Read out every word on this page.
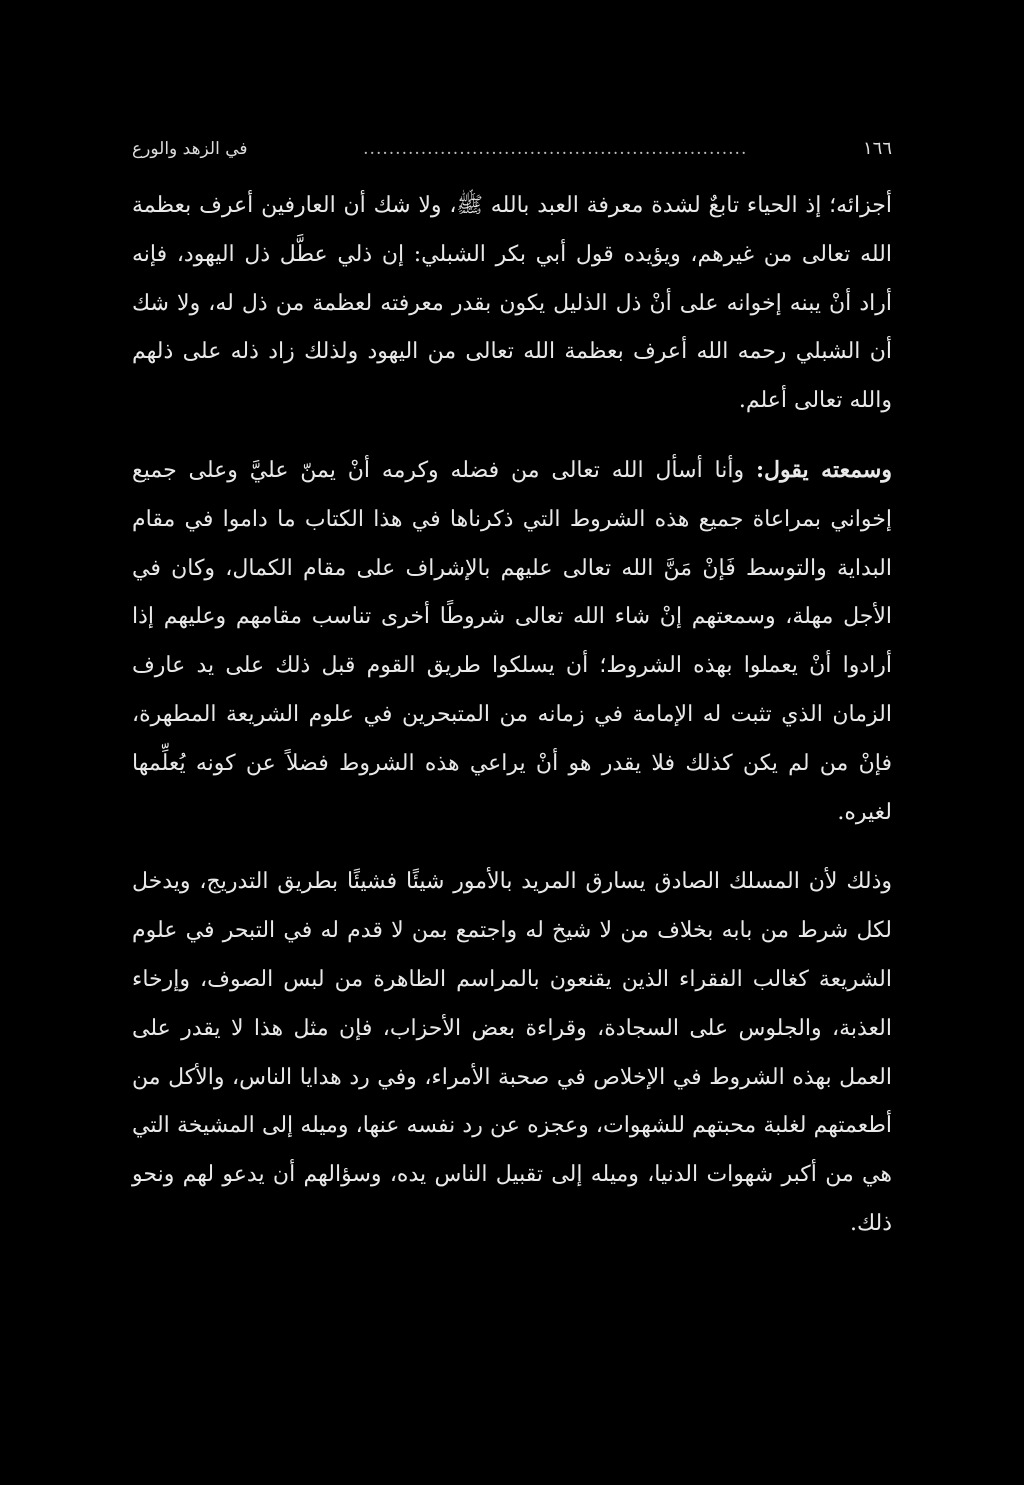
١٦٦
............................................................
في الزهد والورع

أجزائه؛ إذ الحياء تابعٌ لشدة معرفة العبد بالله ﷺ، ولا شك أن العارفين أعرف بعظمة الله تعالى من غيرهم، ويؤيده قول أبي بكر الشبلي: إن ذلي عطَّل ذل اليهود، فإنه أراد أنْ يبنه إخوانه على أنْ ذل الذليل يكون بقدر معرفته لعظمة من ذل له، ولا شك أن الشبلي رحمه الله أعرف بعظمة الله تعالى من اليهود ولذلك زاد ذله على ذلهم والله تعالى أعلم.

وسمعته يقول: وأنا أسأل الله تعالى من فضله وكرمه أنْ يمنّ عليَّ وعلى جميع إخواني بمراعاة جميع هذه الشروط التي ذكرناها في هذا الكتاب ما داموا في مقام البداية والتوسط فَإنْ مَنَّ الله تعالى عليهم بالإشراف على مقام الكمال، وكان في الأجل مهلة، وسمعتهم إنْ شاء الله تعالى شروطًا أخرى تناسب مقامهم وعليهم إذا أرادوا أنْ يعملوا بهذه الشروط؛ أن يسلكوا طريق القوم قبل ذلك على يد عارف الزمان الذي تثبت له الإمامة في زمانه من المتبحرين في علوم الشريعة المطهرة، فإنْ من لم يكن كذلك فلا يقدر هو أنْ يراعي هذه الشروط فضلاً عن كونه يُعلِّمها لغيره.

وذلك لأن المسلك الصادق يسارق المريد بالأمور شيئًا فشيئًا بطريق التدريج، ويدخل لكل شرط من بابه بخلاف من لا شيخ له واجتمع بمن لا قدم له في التبحر في علوم الشريعة كغالب الفقراء الذين يقنعون بالمراسم الظاهرة من لبس الصوف، وإرخاء العذبة، والجلوس على السجادة، وقراءة بعض الأحزاب، فإن مثل هذا لا يقدر على العمل بهذه الشروط في الإخلاص في صحبة الأمراء، وفي رد هدايا الناس، والأكل من أطعمتهم لغلبة محبتهم للشهوات، وعجزه عن رد نفسه عنها، وميله إلى المشيخة التي هي من أكبر شهوات الدنيا، وميله إلى تقبيل الناس يده، وسؤالهم أن يدعو لهم ونحو ذلك.
